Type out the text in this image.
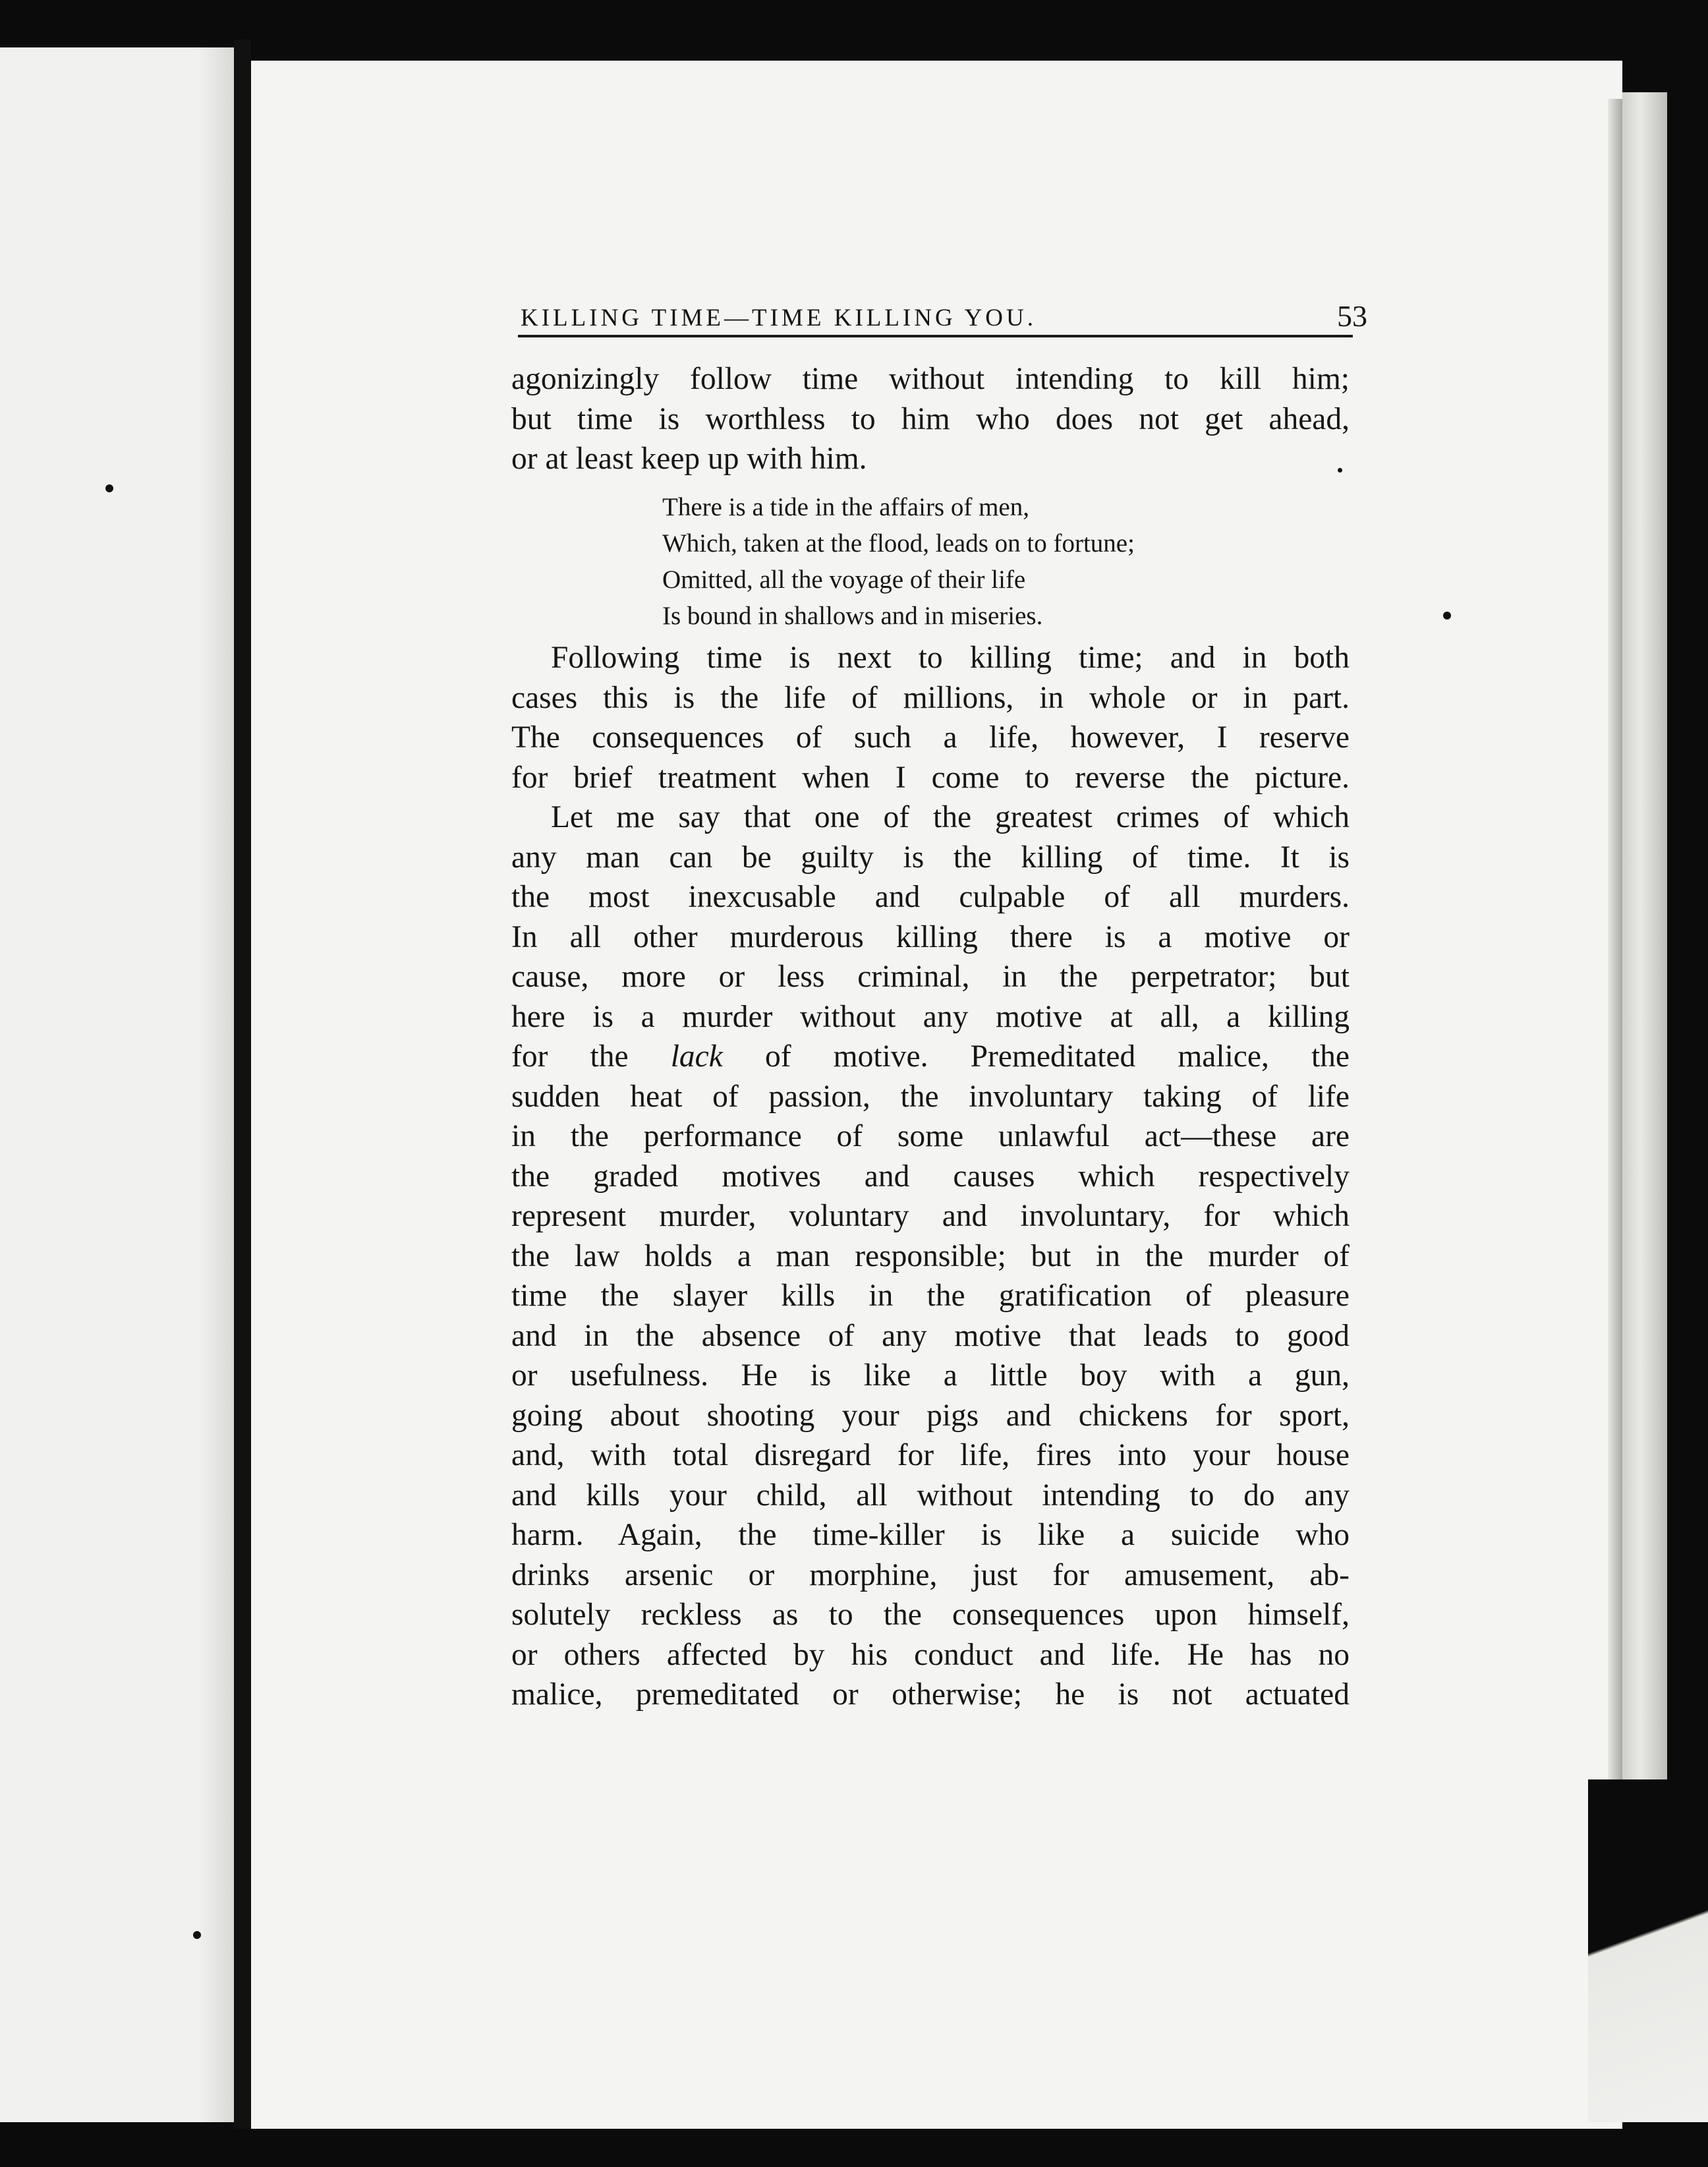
KILLING TIME—TIME KILLING YOU.	53
agonizingly follow time without intending to kill him;
but time is worthless to him who does not get ahead,
or at least keep up with him.
There is a tide in the affairs of men,
Which, taken at the flood, leads on to fortune;
Omitted, all the voyage of their life
Is bound in shallows and in miseries.
Following time is next to killing time; and in both
cases this is the life of millions, in whole or in part.
The consequences of such a life, however, I reserve
for brief treatment when I come to reverse the picture.
Let me say that one of the greatest crimes of which
any man can be guilty is the killing of time. It is
the most inexcusable and culpable of all murders.
In all other murderous killing there is a motive or
cause, more or less criminal, in the perpetrator; but
here is a murder without any motive at all, a killing
for the lack of motive. Premeditated malice, the
sudden heat of passion, the involuntary taking of life
in the performance of some unlawful act—these are
the graded motives and causes which respectively
represent murder, voluntary and involuntary, for which
the law holds a man responsible; but in the murder of
time the slayer kills in the gratification of pleasure
and in the absence of any motive that leads to good
or usefulness. He is like a little boy with a gun,
going about shooting your pigs and chickens for sport,
and, with total disregard for life, fires into your house
and kills your child, all without intending to do any
harm. Again, the time-killer is like a suicide who
drinks arsenic or morphine, just for amusement, ab-
solutely reckless as to the consequences upon himself,
or others affected by his conduct and life. He has no
malice, premeditated or otherwise; he is not actuated
